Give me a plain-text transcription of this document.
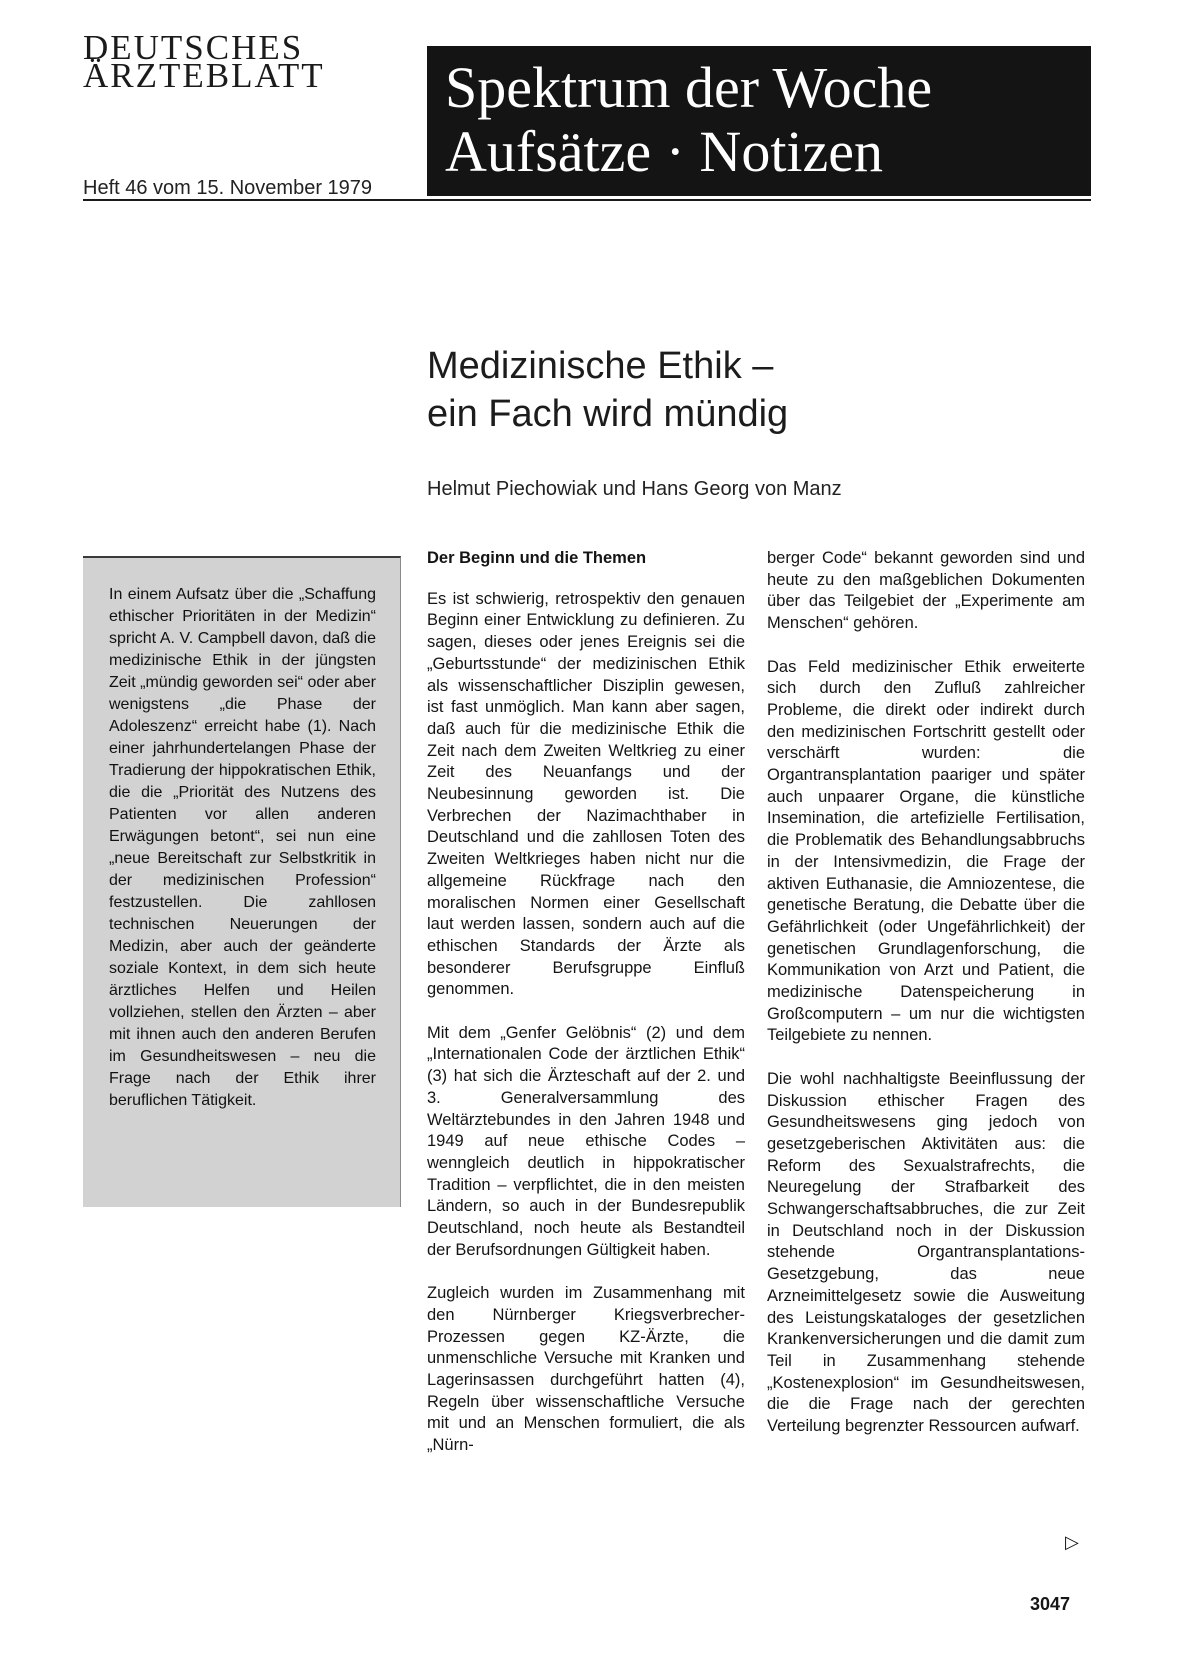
DEUTSCHES
ÄRZTEBLATT
Heft 46 vom 15. November 1979
Spektrum der Woche
Aufsätze · Notizen
Medizinische Ethik –
ein Fach wird mündig
Helmut Piechowiak und Hans Georg von Manz
In einem Aufsatz über die „Schaffung ethischer Prioritäten in der Medizin“ spricht A. V. Campbell davon, daß die medizinische Ethik in der jüngsten Zeit „mündig geworden sei“ oder aber wenigstens „die Phase der Adoleszenz“ erreicht habe (1). Nach einer jahrhundertelangen Phase der Tradierung der hippokratischen Ethik, die die „Priorität des Nutzens des Patienten vor allen anderen Erwägungen betont“, sei nun eine „neue Bereitschaft zur Selbstkritik in der medizinischen Profession“ festzustellen. Die zahllosen technischen Neuerungen der Medizin, aber auch der geänderte soziale Kontext, in dem sich heute ärztliches Helfen und Heilen vollziehen, stellen den Ärzten – aber mit ihnen auch den anderen Berufen im Gesundheitswesen – neu die Frage nach der Ethik ihrer beruflichen Tätigkeit.
Der Beginn und die Themen

Es ist schwierig, retrospektiv den genauen Beginn einer Entwicklung zu definieren. Zu sagen, dieses oder jenes Ereignis sei die „Geburtsstunde“ der medizinischen Ethik als wissenschaftlicher Disziplin gewesen, ist fast unmöglich. Man kann aber sagen, daß auch für die medizinische Ethik die Zeit nach dem Zweiten Weltkrieg zu einer Zeit des Neuanfangs und der Neubesinnung geworden ist. Die Verbrechen der Nazimachthaber in Deutschland und die zahllosen Toten des Zweiten Weltkrieges haben nicht nur die allgemeine Rückfrage nach den moralischen Normen einer Gesellschaft laut werden lassen, sondern auch auf die ethischen Standards der Ärzte als besonderer Berufsgruppe Einfluß genommen.

Mit dem „Genfer Gelöbnis“ (2) und dem „Internationalen Code der ärztlichen Ethik“ (3) hat sich die Ärzteschaft auf der 2. und 3. Generalversammlung des Weltärztebundes in den Jahren 1948 und 1949 auf neue ethische Codes – wenngleich deutlich in hippokratischer Tradition – verpflichtet, die in den meisten Ländern, so auch in der Bundesrepublik Deutschland, noch heute als Bestandteil der Berufsordnungen Gültigkeit haben.

Zugleich wurden im Zusammenhang mit den Nürnberger Kriegsverbrecher-Prozessen gegen KZ-Ärzte, die unmenschliche Versuche mit Kranken und Lagerinsassen durchgeführt hatten (4), Regeln über wissenschaftliche Versuche mit und an Menschen formuliert, die als „Nürn-

berger Code“ bekannt geworden sind und heute zu den maßgeblichen Dokumenten über das Teilgebiet der „Experimente am Menschen“ gehören.

Das Feld medizinischer Ethik erweiterte sich durch den Zufluß zahlreicher Probleme, die direkt oder indirekt durch den medizinischen Fortschritt gestellt oder verschärft wurden: die Organtransplantation paariger und später auch unpaarer Organe, die künstliche Insemination, die artefizielle Fertilisation, die Problematik des Behandlungsabbruchs in der Intensivmedizin, die Frage der aktiven Euthanasie, die Amniozentese, die genetische Beratung, die Debatte über die Gefährlichkeit (oder Ungefährlichkeit) der genetischen Grundlagenforschung, die Kommunikation von Arzt und Patient, die medizinische Datenspeicherung in Großcomputern – um nur die wichtigsten Teilgebiete zu nennen.

Die wohl nachhaltigste Beeinflussung der Diskussion ethischer Fragen des Gesundheitswesens ging jedoch von gesetzgeberischen Aktivitäten aus: die Reform des Sexualstrafrechts, die Neuregelung der Strafbarkeit des Schwangerschaftsabbruches, die zur Zeit in Deutschland noch in der Diskussion stehende Organtransplantations-Gesetzgebung, das neue Arzneimittelgesetz sowie die Ausweitung des Leistungskataloges der gesetzlichen Krankenversicherungen und die damit zum Teil in Zusammenhang stehende „Kostenexplosion“ im Gesundheitswesen, die die Frage nach der gerechten Verteilung begrenzter Ressourcen aufwarf.

▷
3047
